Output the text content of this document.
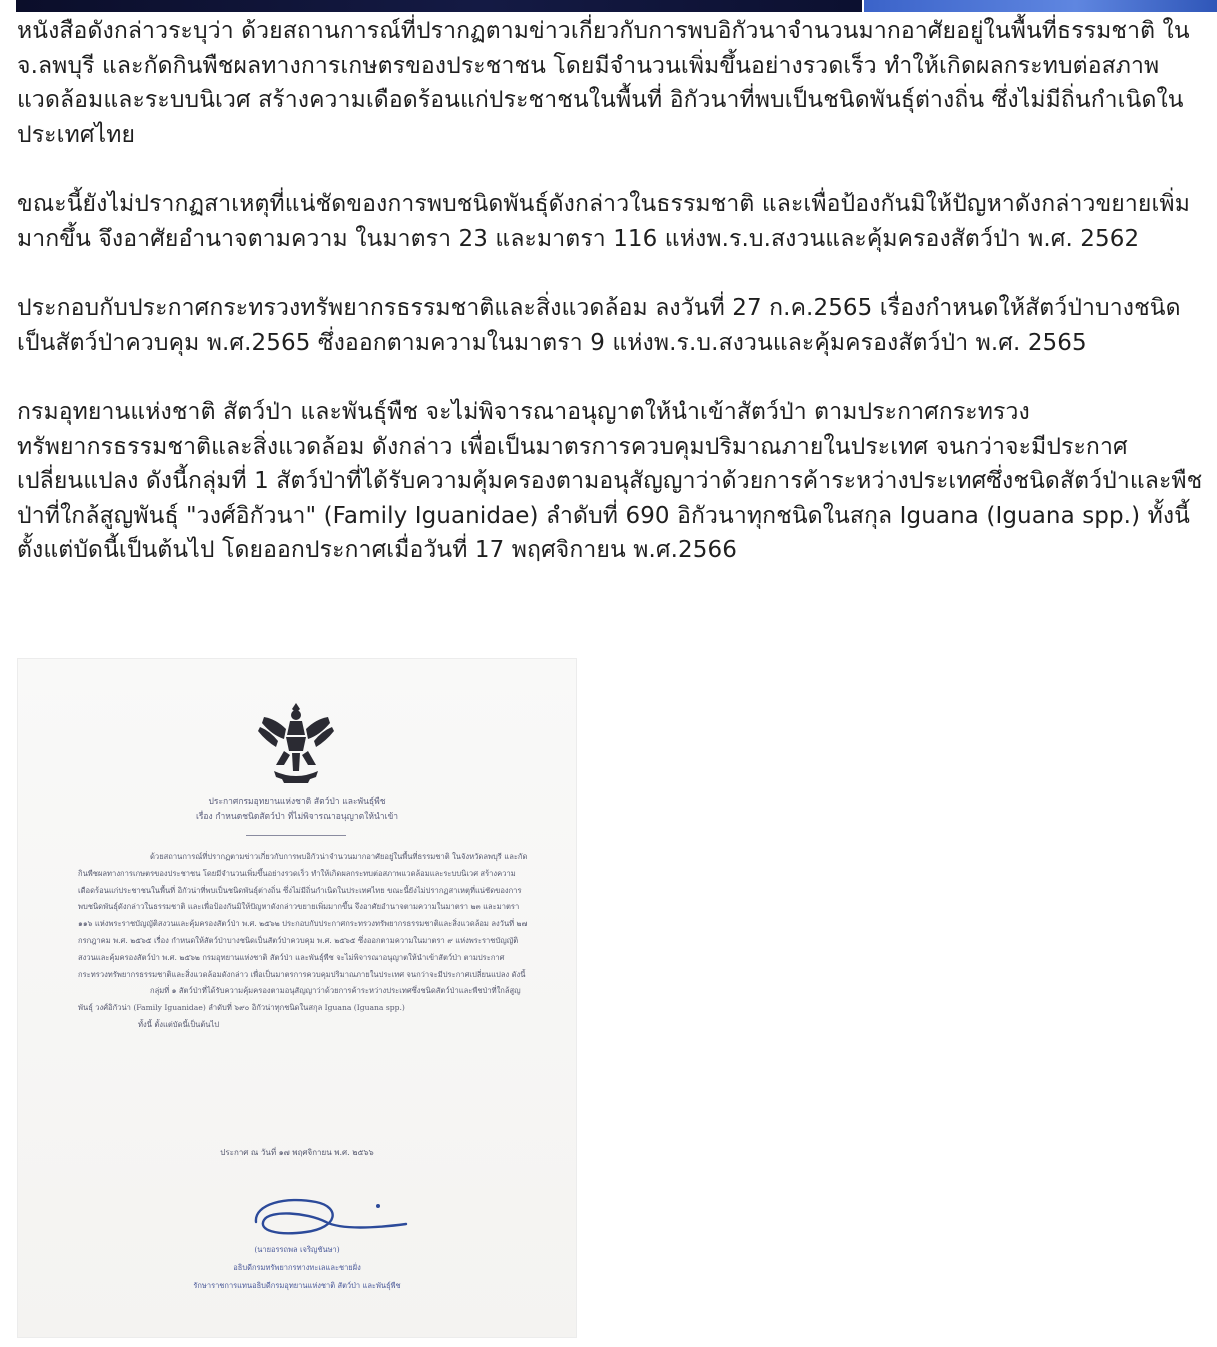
หนังสือดังกล่าวระบุว่า ด้วยสถานการณ์ที่ปรากฏตามข่าวเกี่ยวกับการพบอิกัวนาจำนวนมากอาศัยอยู่ในพื้นที่ธรรมชาติ ใน จ.ลพบุรี และกัดกินพืชผลทางการเกษตรของประชาชน โดยมีจำนวนเพิ่มขึ้นอย่างรวดเร็ว ทำให้เกิดผลกระทบต่อสภาพแวดล้อมและระบบนิเวศ สร้างความเดือดร้อนแก่ประชาชนในพื้นที่ อิกัวนาที่พบเป็นชนิดพันธุ์ต่างถิ่น ซึ่งไม่มีถิ่นกำเนิดในประเทศไทย

ขณะนี้ยังไม่ปรากฏสาเหตุที่แน่ชัดของการพบชนิดพันธุ์ดังกล่าวในธรรมชาติ และเพื่อป้องกันมิให้ปัญหาดังกล่าวขยายเพิ่มมากขึ้น จึงอาศัยอำนาจตามความ ในมาตรา 23 และมาตรา 116 แห่งพ.ร.บ.สงวนและคุ้มครองสัตว์ป่า พ.ศ. 2562

ประกอบกับประกาศกระทรวงทรัพยากรธรรมชาติและสิ่งแวดล้อม ลงวันที่ 27 ก.ค.2565 เรื่องกำหนดให้สัตว์ป่าบางชนิดเป็นสัตว์ป่าควบคุม พ.ศ.2565 ซึ่งออกตามความในมาตรา 9 แห่งพ.ร.บ.สงวนและคุ้มครองสัตว์ป่า พ.ศ. 2565

กรมอุทยานแห่งชาติ สัตว์ป่า และพันธุ์พืช จะไม่พิจารณาอนุญาตให้นำเข้าสัตว์ป่า ตามประกาศกระทรวงทรัพยากรธรรมชาติและสิ่งแวดล้อม ดังกล่าว เพื่อเป็นมาตรการควบคุมปริมาณภายในประเทศ จนกว่าจะมีประกาศเปลี่ยนแปลง ดังนี้กลุ่มที่ 1 สัตว์ป่าที่ได้รับความคุ้มครองตามอนุสัญญาว่าด้วยการค้าระหว่างประเทศซึ่งชนิดสัตว์ป่าและพืชป่าที่ใกล้สูญพันธุ์ "วงศ์อิกัวนา" (Family Iguanidae) ลำดับที่ 690 อิกัวนาทุกชนิดในสกุล Iguana (Iguana spp.) ทั้งนี้ ตั้งแต่บัดนี้เป็นต้นไป โดยออกประกาศเมื่อวันที่ 17 พฤศจิกายน พ.ศ.2566

ประกาศกรมอุทยานแห่งชาติ สัตว์ป่า และพันธุ์พืช
เรื่อง กำหนดชนิดสัตว์ป่า ที่ไม่พิจารณาอนุญาตให้นำเข้า

ด้วยสถานการณ์ที่ปรากฏตามข่าวเกี่ยวกับการพบอิกัวน่าจำนวนมากอาศัยอยู่ในพื้นที่ธรรมชาติ ในจังหวัดลพบุรี และกัดกินพืชผลทางการเกษตรของประชาชน โดยมีจำนวนเพิ่มขึ้นอย่างรวดเร็ว ทำให้เกิดผลกระทบต่อสภาพแวดล้อมและระบบนิเวศ สร้างความเดือดร้อนแก่ประชาชนในพื้นที่ อิกัวน่าที่พบเป็นชนิดพันธุ์ต่างถิ่น ซึ่งไม่มีถิ่นกำเนิดในประเทศไทย ขณะนี้ยังไม่ปรากฏสาเหตุที่แน่ชัดของการพบชนิดพันธุ์ดังกล่าวในธรรมชาติ และเพื่อป้องกันมิให้ปัญหาดังกล่าวขยายเพิ่มมากขึ้น จึงอาศัยอำนาจตามความในมาตรา ๒๓ และมาตรา ๑๑๖ แห่งพระราชบัญญัติสงวนและคุ้มครองสัตว์ป่า พ.ศ. ๒๕๖๒ ประกอบกับประกาศกระทรวงทรัพยากรธรรมชาติและสิ่งแวดล้อม ลงวันที่ ๒๗ กรกฎาคม พ.ศ. ๒๕๖๕ เรื่อง กำหนดให้สัตว์ป่าบางชนิดเป็นสัตว์ป่าควบคุม พ.ศ. ๒๕๖๕ ซึ่งออกตามความในมาตรา ๙ แห่งพระราชบัญญัติสงวนและคุ้มครองสัตว์ป่า พ.ศ. ๒๕๖๒ กรมอุทยานแห่งชาติ สัตว์ป่า และพันธุ์พืช จะไม่พิจารณาอนุญาตให้นำเข้าสัตว์ป่า ตามประกาศกระทรวงทรัพยากรธรรมชาติและสิ่งแวดล้อมดังกล่าว เพื่อเป็นมาตรการควบคุมปริมาณภายในประเทศ จนกว่าจะมีประกาศเปลี่ยนแปลง ดังนี้

กลุ่มที่ ๑ สัตว์ป่าที่ได้รับความคุ้มครองตามอนุสัญญาว่าด้วยการค้าระหว่างประเทศซึ่งชนิดสัตว์ป่าและพืชป่าที่ใกล้สูญพันธุ์ วงศ์อิกัวน่า (Family Iguanidae) ลำดับที่ ๖๙๐ อิกัวน่าทุกชนิดในสกุล Iguana (Iguana spp.)

ทั้งนี้ ตั้งแต่บัดนี้เป็นต้นไป

ประกาศ ณ วันที่ ๑๗ พฤศจิกายน พ.ศ. ๒๕๖๖
(นายอรรถพล เจริญชันษา)
อธิบดีกรมทรัพยากรทางทะเลและชายฝั่ง
รักษาราชการแทนอธิบดีกรมอุทยานแห่งชาติ สัตว์ป่า และพันธุ์พืช
